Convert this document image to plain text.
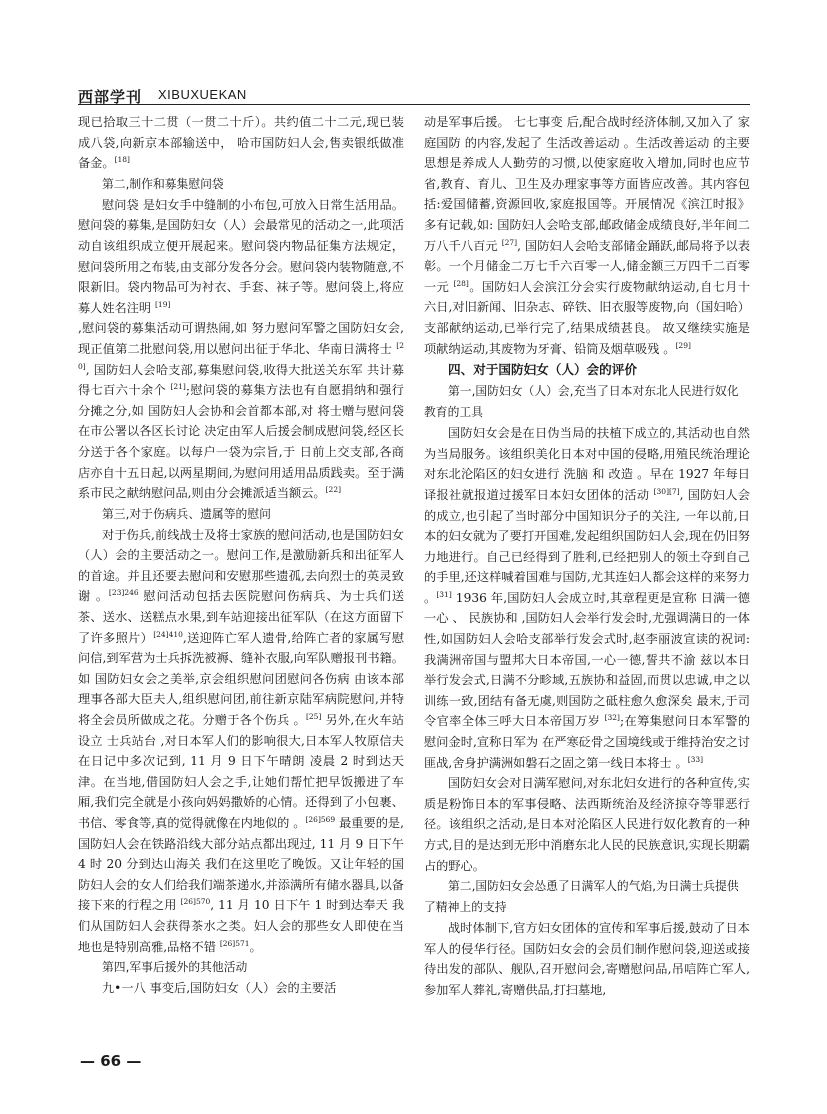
西部学刊 XIBUXUEKAN

现已拾取三十二贯（一贯二十斤）。共约值二十二元,现已装成八袋,向新京本部输送中， 哈市国防妇人会,售卖银纸做准备金。[18]

第二,制作和募集慰问袋

慰问袋 是妇女手中缝制的小布包,可放入日常生活用品。慰问袋的募集,是国防妇女（人）会最常见的活动之一,此项活动自该组织成立便开展起来。慰问袋内物品征集方法规定， 慰问袋所用之布装,由支部分发各分会。慰问袋内装物随意,不限新旧。袋内物品可为衬衣、手套、袜子等。慰问袋上,将应募人姓名注明 [19]

,慰问袋的募集活动可谓热闹,如 努力慰问军警之国防妇女会,现正值第二批慰问袋,用以慰问出征于华北、华南日满将士 [20], 国防妇人会哈支部,募集慰问袋,收得大批送关东军 共计募得七百六十余个 [21];慰问袋的募集方法也有自愿捐纳和强行分摊之分,如 国防妇人会协和会首都本部,对 将士赠与慰问袋 在市公署以各区长讨论 决定由军人后援会制成慰问袋,经区长分送于各个家庭。以每户一袋为宗旨,于 日前上交支部,各商店亦自十五日起,以两星期间,为慰问用适用品质践卖。至于满系市民之献纳慰问品,则由分会摊派适当额云。[22]

第三,对于伤病兵、遗属等的慰问

对于伤兵,前线战士及将士家族的慰问活动,也是国防妇女（人）会的主要活动之一。慰问工作,是激励新兵和出征军人的首途。并且还要去慰问和安慰那些遗孤,去向烈士的英灵致谢 。$^{[23]246}$ 慰问活动包括去医院慰问伤病兵、为士兵们送茶、送水、送糕点水果,到车站迎接出征军队（在这方面留下了许多照片）$^{[24]410}$,送迎阵亡军人遗骨,给阵亡者的家属写慰问信,到军营为士兵拆洗被褥、缝补衣服,向军队赠报刊书籍。如 国防妇女会之美举,京会组织慰问团慰问各伤病 由该本部理事各部大臣夫人,组织慰问团,前往新京陆军病院慰问,并特将全会员所做成之花。分赠于各个伤兵 。[25] 另外,在火车站设立 士兵站台 ,对日本军人们的影响很大,日本军人牧原信夫在日记中多次记到, 11 月 9 日下午晴朗 凌晨 2 时到达天津。在当地,借国防妇人会之手,让她们帮忙把早饭搬进了车厢,我们完全就是小孩向妈妈撒娇的心情。还得到了小包裹、书信、零食等,真的觉得就像在内地似的 。$^{[26]569}$ 最重要的是,国防妇人会在铁路沿线大部分站点都出现过, 11 月 9 日下午 4 时 20 分到达山海关 我们在这里吃了晚饭。又让年轻的国防妇人会的女人们给我们端茶递水,并添满所有储水器具,以备接下来的行程之用 $^{[26]570}$, 11 月 10 日下午 1 时到达奉天 我们从国防妇人会获得茶水之类。妇人会的那些女人即使在当地也是特别高雅,品格不错 $^{[26]571}$。

第四,军事后援外的其他活动

九•一八 事变后,国防妇女（人）会的主要活

动是军事后援。 七七事变 后,配合战时经济体制,又加入了 家庭国防 的内容,发起了 生活改善运动 。生活改善运动 的主要思想是养成人人勤劳的习惯,以使家庭收入增加,同时也应节省,教育、育儿、卫生及办理家事等方面皆应改善。其内容包括:爱国储蓄,资源回收,家庭报国等。开展情况《滨江时报》多有记载,如: 国防妇人会哈支部,邮政储金成绩良好,半年间二万八千八百元 [27], 国防妇人会哈支部储金踊跃,邮局将予以表彰。一个月储金二万七千六百零一人,储金额三万四千二百零一元 [28]。国防妇人会滨江分会实行废物献纳运动,自七月十六日,对旧新闻、旧杂志、碎铁、旧衣服等废物,向（国妇哈）支部献纳运动,已举行完了,结果成绩甚良。 故又继续实施是项献纳运动,其废物为牙膏、铅筒及烟草吸残 。[29]

四、对于国防妇女（人）会的评价

第一,国防妇女（人）会,充当了日本对东北人民进行奴化教育的工具

国防妇女会是在日伪当局的扶植下成立的,其活动也自然为当局服务。该组织美化日本对中国的侵略,用殖民统治理论对东北沦陷区的妇女进行 洗脑 和 改造 。早在 1927 年每日译报社就报道过援军日本妇女团体的活动 [30][7], 国防妇人会 的成立,也引起了当时部分中国知识分子的关注, 一年以前,日本的妇女就为了要打开国难,发起组织国防妇人会,现在仍旧努力地进行。自己已经得到了胜利,已经把别人的领土夺到自己的手里,还这样喊着国难与国防,尤其连妇人都会这样的来努力 。[31] 1936 年,国防妇人会成立时,其章程更是宣称 日满一德一心 、 民族协和 ,国防妇人会举行发会时,尤强调满日的一体性,如国防妇人会哈支部举行发会式时,赵李丽波宣读的祝词: 我满洲帝国与盟邦大日本帝国,一心一德,誓共不渝 兹以本日举行发会式,日满不分畛域,五族协和益固,而贯以忠诚,申之以训练一致,团结有备无虞,则国防之砥柱愈久愈深矣 最末,于司令官率全体三呼大日本帝国万岁 [32];在筹集慰问日本军警的慰问金时,宣称日军为 在严寒砭骨之国境线或于维持治安之讨匪战,舍身护满洲如磐石之固之第一线日本将士 。[33]

国防妇女会对日满军慰问,对东北妇女进行的各种宣传,实质是粉饰日本的军事侵略、法西斯统治及经济掠夺等罪恶行径。该组织之活动,是日本对沦陷区人民进行奴化教育的一种方式,目的是达到无形中消磨东北人民的民族意识,实现长期霸占的野心。

第二,国防妇女会怂恿了日满军人的气焰,为日满士兵提供了精神上的支持

战时体制下,官方妇女团体的宣传和军事后援,鼓动了日本军人的侵华行径。国防妇女会的会员们制作慰问袋,迎送或接待出发的部队、舰队,召开慰问会,寄赠慰问品,吊唁阵亡军人,参加军人葬礼,寄赠供品,打扫墓地,

— 66 —
